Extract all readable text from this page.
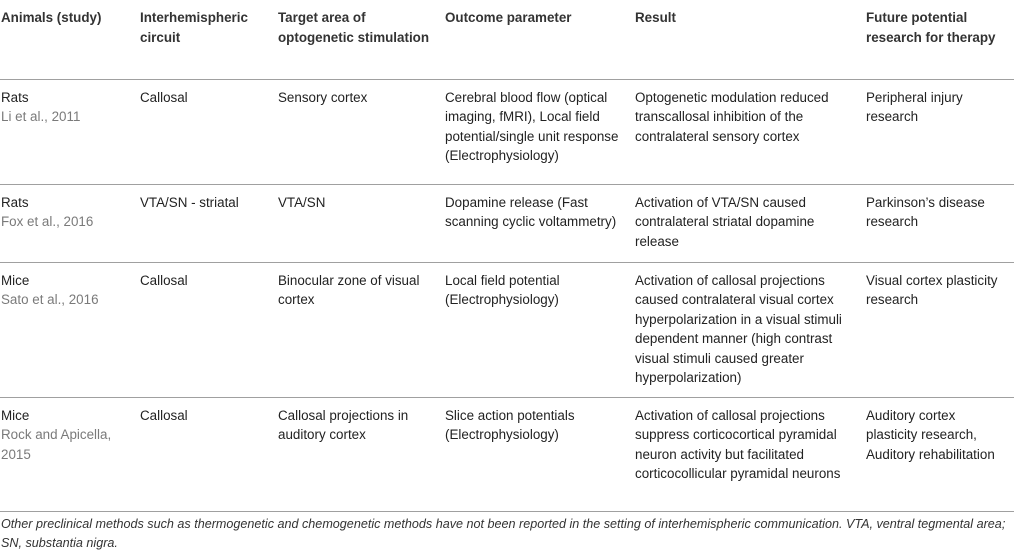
Animals (study)	Interhemispheric circuit	Target area of optogenetic stimulation	Outcome parameter	Result	Future potential research for therapy
Rats
Li et al., 2011	Callosal	Sensory cortex	Cerebral blood flow (optical imaging, fMRI), Local field potential/single unit response (Electrophysiology)	Optogenetic modulation reduced transcallosal inhibition of the contralateral sensory cortex	Peripheral injury research
Rats
Fox et al., 2016	VTA/SN - striatal	VTA/SN	Dopamine release (Fast scanning cyclic voltammetry)	Activation of VTA/SN caused contralateral striatal dopamine release	Parkinson’s disease research
Mice
Sato et al., 2016	Callosal	Binocular zone of visual cortex	Local field potential (Electrophysiology)	Activation of callosal projections caused contralateral visual cortex hyperpolarization in a visual stimuli dependent manner (high contrast visual stimuli caused greater hyperpolarization)	Visual cortex plasticity research
Mice
Rock and Apicella, 2015	Callosal	Callosal projections in auditory cortex	Slice action potentials (Electrophysiology)	Activation of callosal projections suppress corticocortical pyramidal neuron activity but facilitated corticocollicular pyramidal neurons	Auditory cortex plasticity research, Auditory rehabilitation

Other preclinical methods such as thermogenetic and chemogenetic methods have not been reported in the setting of interhemispheric communication. VTA, ventral tegmental area; SN, substantia nigra.
